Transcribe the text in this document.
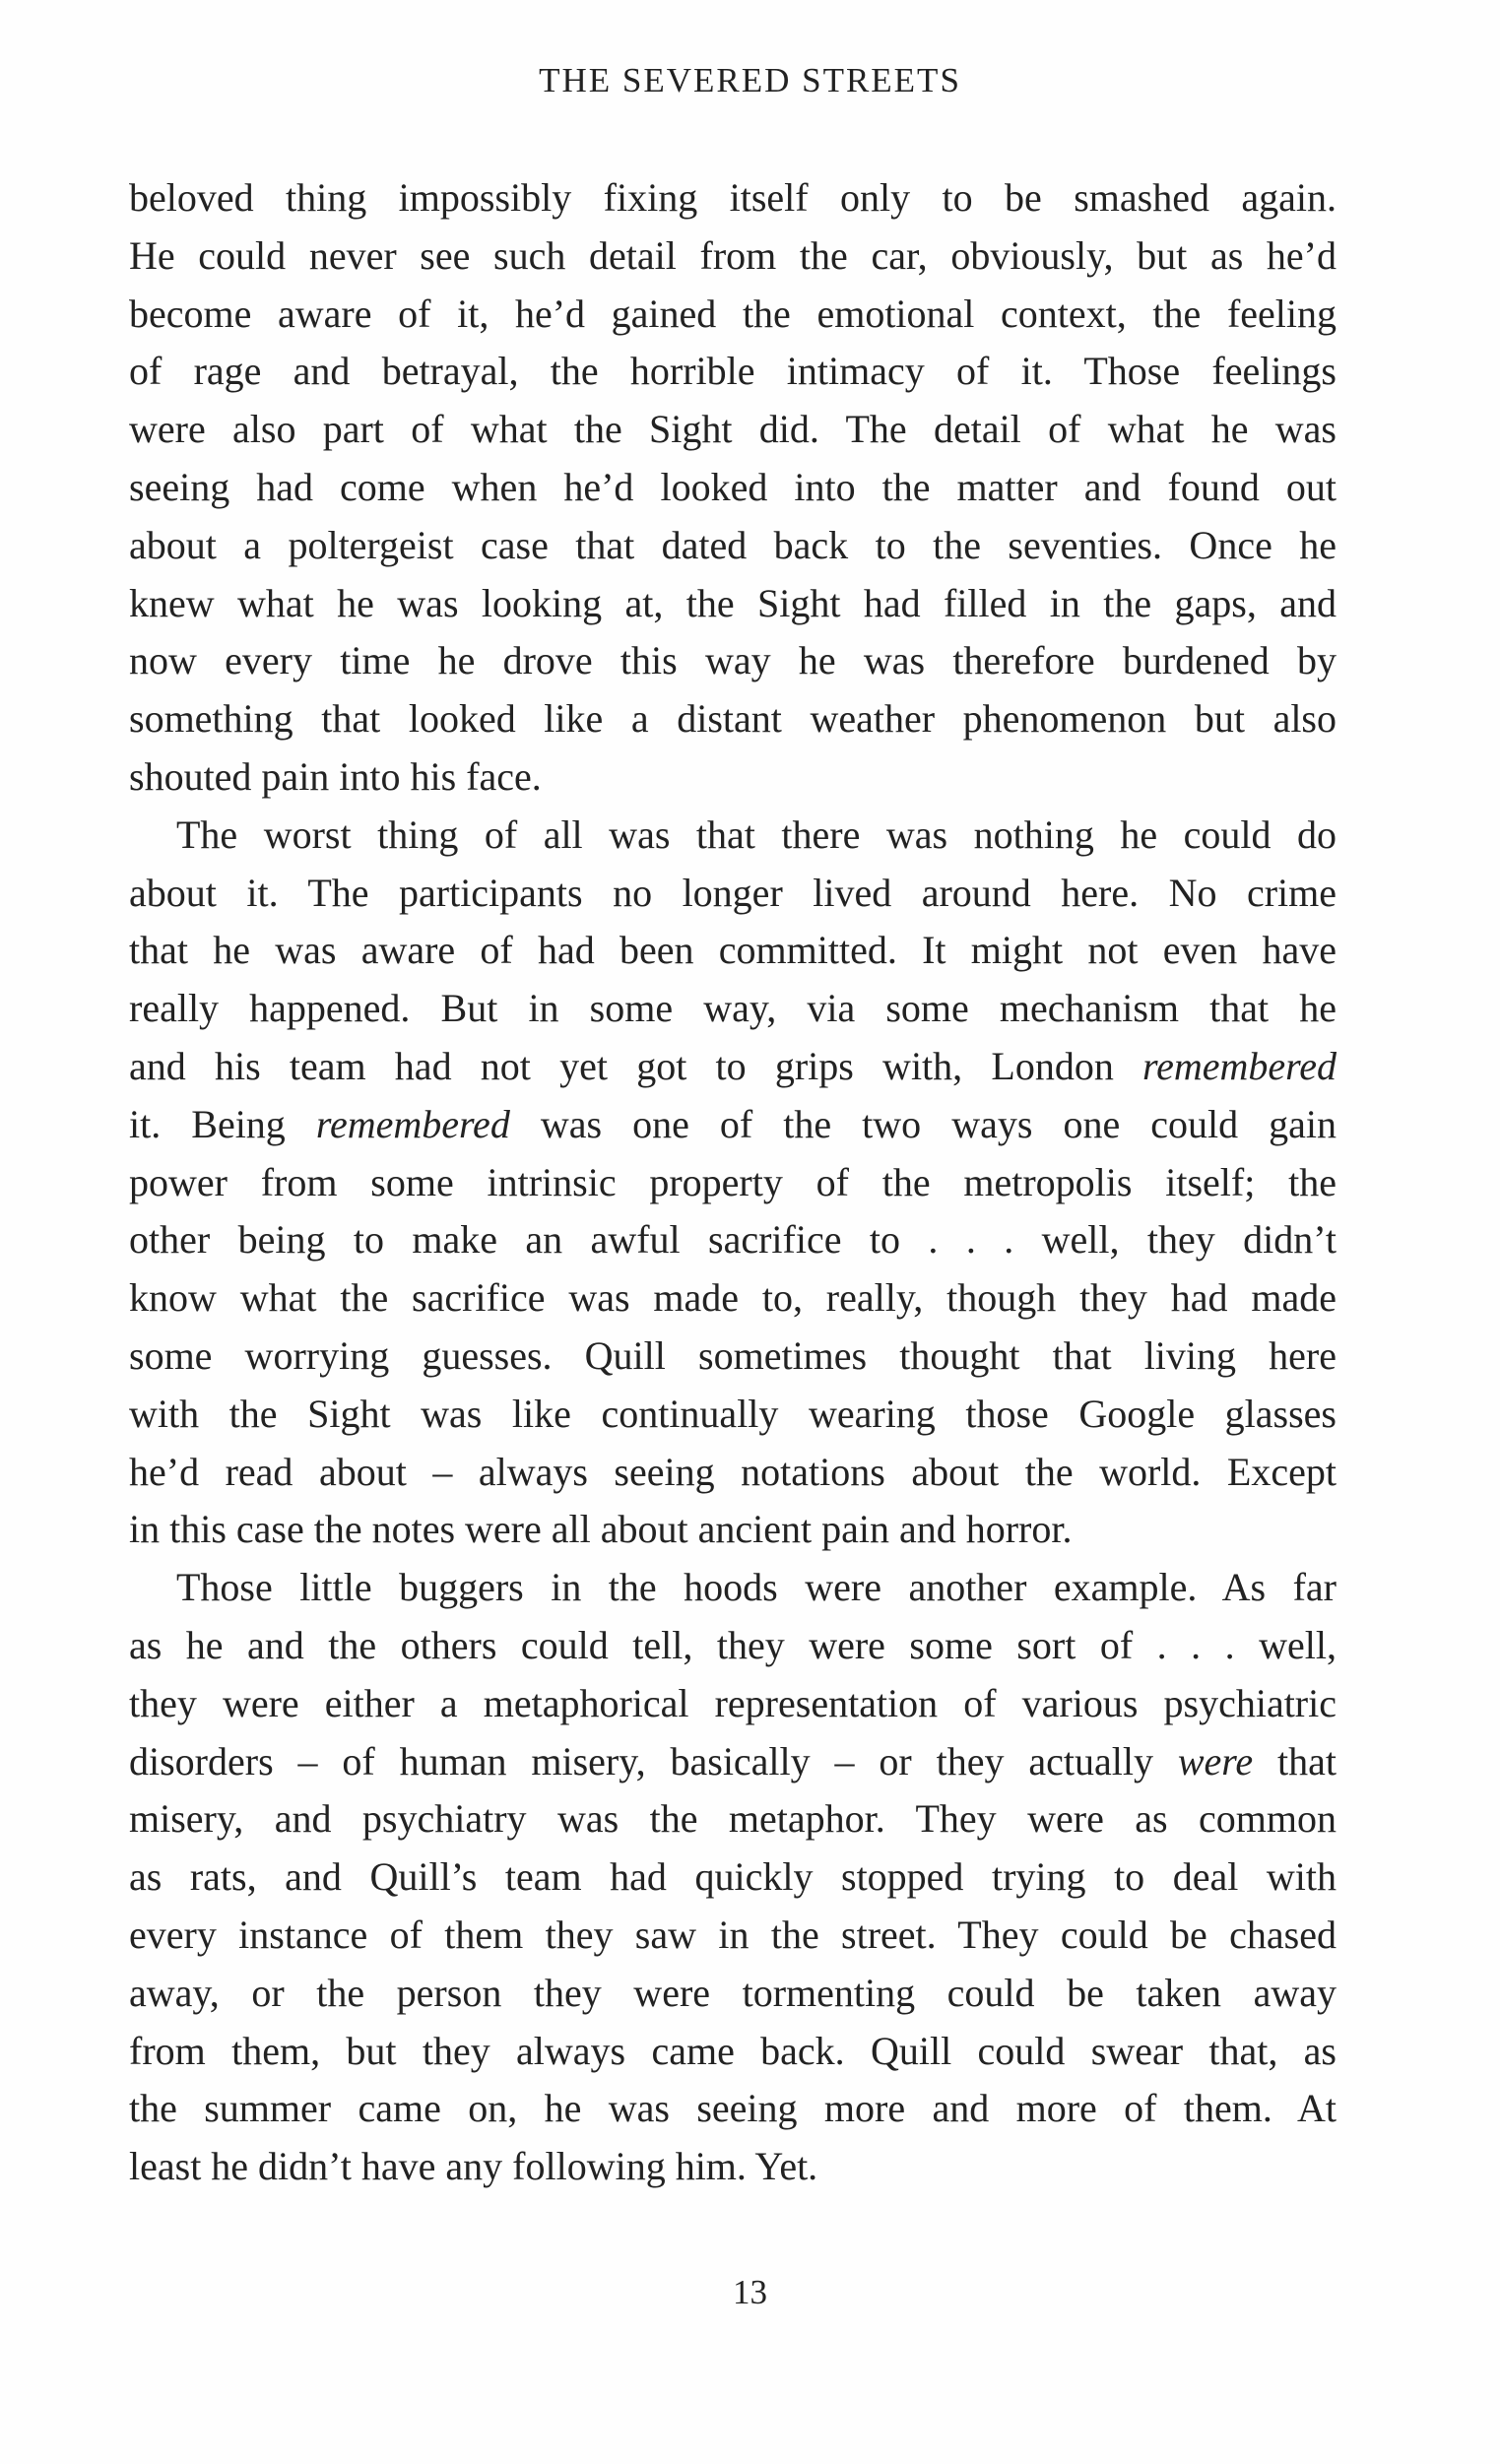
THE SEVERED STREETS
beloved thing impossibly fixing itself only to be smashed again.
He could never see such detail from the car, obviously, but as he’d
become aware of it, he’d gained the emotional context, the feeling
of rage and betrayal, the horrible intimacy of it. Those feelings
were also part of what the Sight did. The detail of what he was
seeing had come when he’d looked into the matter and found out
about a poltergeist case that dated back to the seventies. Once he
knew what he was looking at, the Sight had filled in the gaps, and
now every time he drove this way he was therefore burdened by
something that looked like a distant weather phenomenon but also
shouted pain into his face.
The worst thing of all was that there was nothing he could do
about it. The participants no longer lived around here. No crime
that he was aware of had been committed. It might not even have
really happened. But in some way, via some mechanism that he
and his team had not yet got to grips with, London remembered
it. Being remembered was one of the two ways one could gain
power from some intrinsic property of the metropolis itself; the
other being to make an awful sacrifice to . . . well, they didn’t
know what the sacrifice was made to, really, though they had made
some worrying guesses. Quill sometimes thought that living here
with the Sight was like continually wearing those Google glasses
he’d read about – always seeing notations about the world. Except
in this case the notes were all about ancient pain and horror.
Those little buggers in the hoods were another example. As far
as he and the others could tell, they were some sort of . . . well,
they were either a metaphorical representation of various psychiatric
disorders – of human misery, basically – or they actually were that
misery, and psychiatry was the metaphor. They were as common
as rats, and Quill’s team had quickly stopped trying to deal with
every instance of them they saw in the street. They could be chased
away, or the person they were tormenting could be taken away
from them, but they always came back. Quill could swear that, as
the summer came on, he was seeing more and more of them. At
least he didn’t have any following him. Yet.
13
